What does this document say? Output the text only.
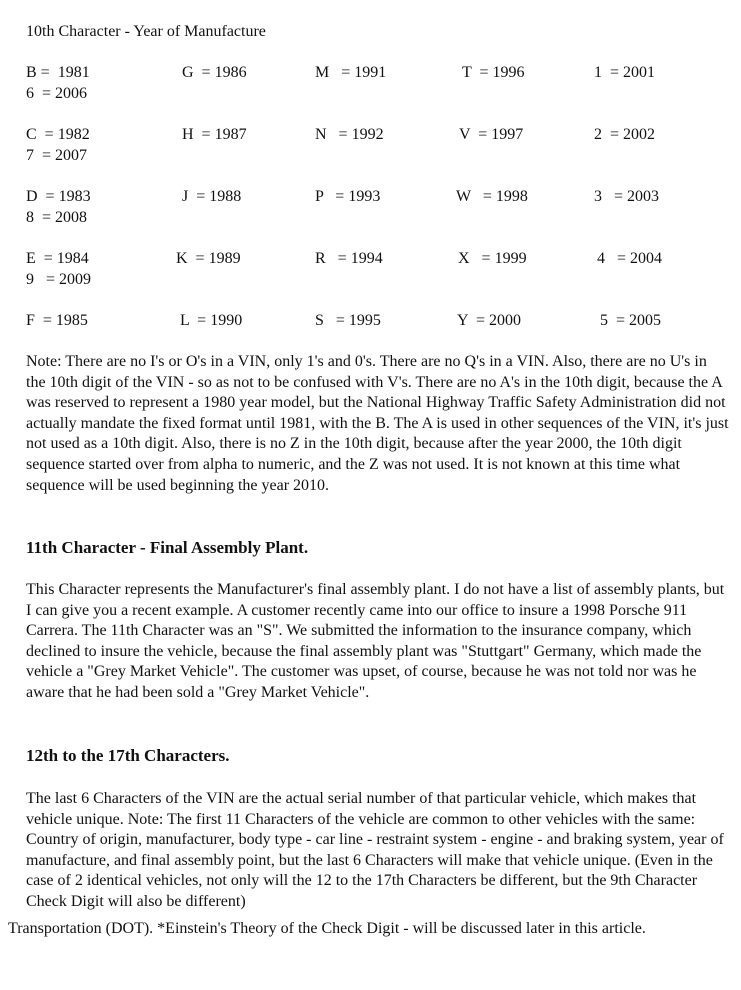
10th Character - Year of Manufacture
B =  1981	G  = 1986	M   = 1991	T  = 1996	1  = 2001
6  = 2006
C  = 1982	H  = 1987	N   = 1992	V  = 1997	2  = 2002
7  = 2007
D  = 1983	J  = 1988	P   = 1993	W   = 1998	3   = 2003
8  = 2008
E  = 1984	K  = 1989	R   = 1994	X   = 1999	4   = 2004
9   = 2009
F  = 1985	L  = 1990	S   = 1995	Y  = 2000	5  = 2005

Note: There are no I's or O's in a VIN, only 1's and 0's. There are no Q's in a VIN. Also, there are no U's in the 10th digit of the VIN - so as not to be confused with V's. There are no A's in the 10th digit, because the A was reserved to represent a 1980 year model, but the National Highway Traffic Safety Administration did not actually mandate the fixed format until 1981, with the B. The A is used in other sequences of the VIN, it's just not used as a 10th digit. Also, there is no Z in the 10th digit, because after the year 2000, the 10th digit sequence started over from alpha to numeric, and the Z was not used. It is not known at this time what sequence will be used beginning the year 2010.

11th Character - Final Assembly Plant.

This Character represents the Manufacturer's final assembly plant. I do not have a list of assembly plants, but I can give you a recent example. A customer recently came into our office to insure a 1998 Porsche 911 Carrera. The 11th Character was an "S". We submitted the information to the insurance company, which declined to insure the vehicle, because the final assembly plant was "Stuttgart" Germany, which made the vehicle a "Grey Market Vehicle". The customer was upset, of course, because he was not told nor was he aware that he had been sold a "Grey Market Vehicle".

12th to the 17th Characters.

The last 6 Characters of the VIN are the actual serial number of that particular vehicle, which makes that vehicle unique. Note: The first 11 Characters of the vehicle are common to other vehicles with the same: Country of origin, manufacturer, body type - car line - restraint system - engine - and braking system, year of manufacture, and final assembly point, but the last 6 Characters will make that vehicle unique. (Even in the case of 2 identical vehicles, not only will the 12 to the 17th Characters be different, but the 9th Character Check Digit will also be different)

Transportation (DOT). *Einstein's Theory of the Check Digit - will be discussed later in this article.
